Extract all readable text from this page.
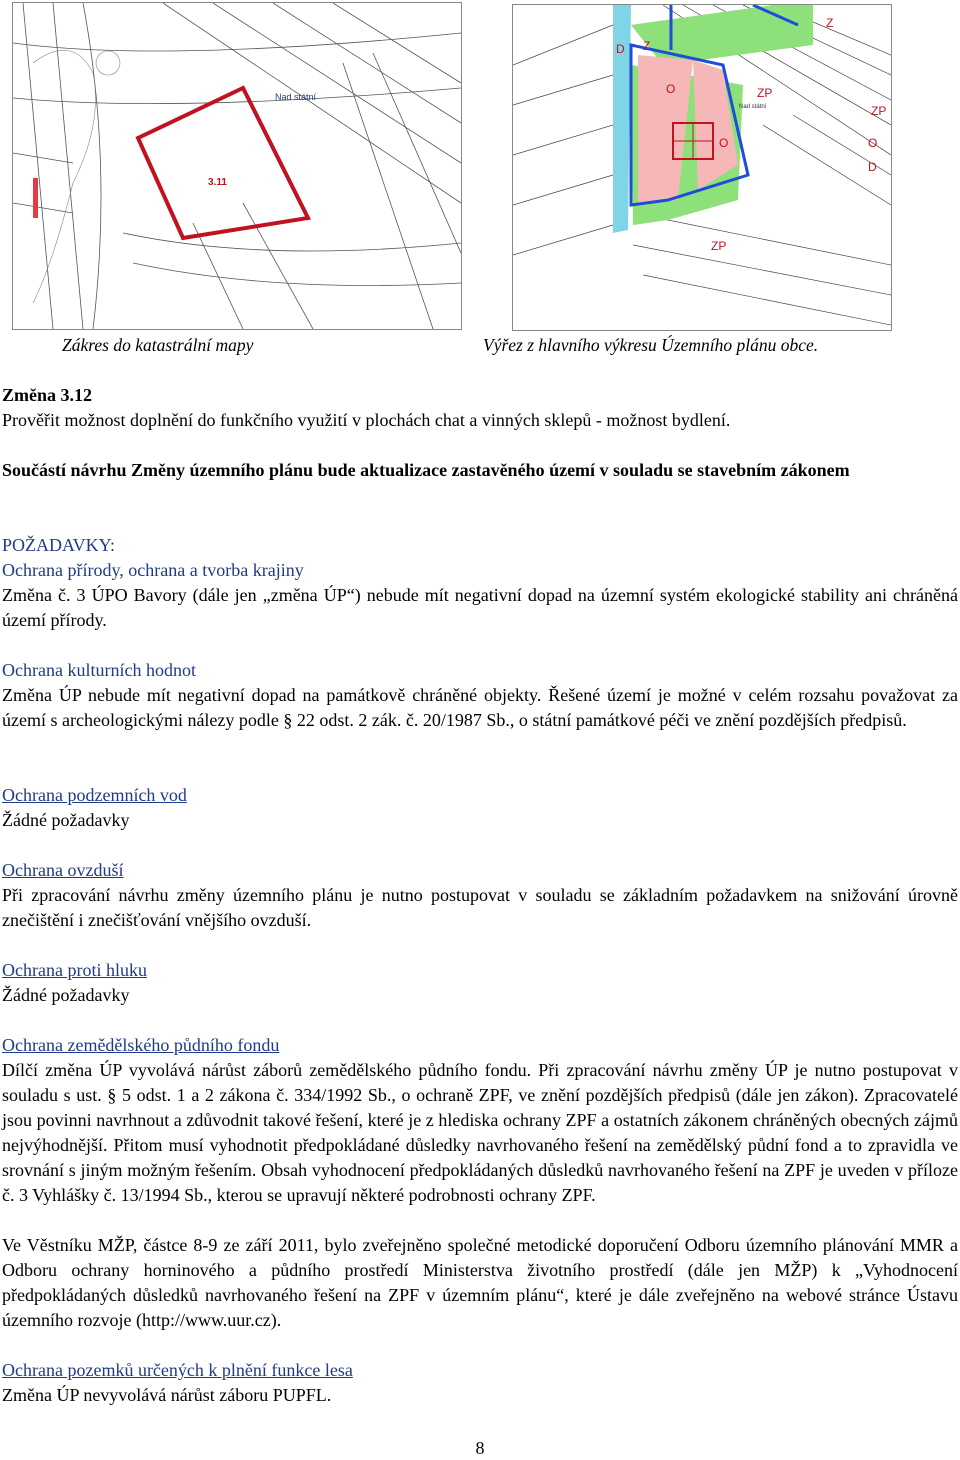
Nad státní
3.11
Zákres do katastrální mapy
Z
D Z
O	ZP
ZP
O
ZP
O
D
Nad státní
Výřez z hlavního výkresu Územního plánu obce.
Změna 3.12
Prověřit možnost doplnění do funkčního využití v plochách chat a vinných sklepů - možnost bydlení.
Součástí návrhu Změny územního plánu bude aktualizace zastavěného území v souladu se stavebním zákonem
POŽADAVKY:
Ochrana přírody, ochrana a tvorba krajiny
Změna č. 3 ÚPO Bavory (dále jen „změna ÚP“) nebude mít negativní dopad na územní systém ekologické stability ani chráněná území přírody.
Ochrana kulturních hodnot
Změna ÚP nebude mít negativní dopad na památkově chráněné objekty. Řešené území je možné v celém rozsahu považovat za území s archeologickými nálezy podle § 22 odst. 2 zák. č. 20/1987 Sb., o státní památkové péči ve znění pozdějších předpisů.
Ochrana podzemních vod
Žádné požadavky
Ochrana ovzduší
Při zpracování návrhu změny územního plánu je nutno postupovat v souladu se základním požadavkem na snižování úrovně znečištění i znečišťování vnějšího ovzduší.
Ochrana proti hluku
Žádné požadavky
Ochrana zemědělského půdního fondu
Dílčí změna ÚP vyvolává nárůst záborů zemědělského půdního fondu. Při zpracování návrhu změny ÚP je nutno postupovat v souladu s ust. § 5 odst. 1 a 2 zákona č. 334/1992 Sb., o ochraně ZPF, ve znění pozdějších předpisů (dále jen zákon). Zpracovatelé jsou povinni navrhnout a zdůvodnit takové řešení, které je z hlediska ochrany ZPF a ostatních zákonem chráněných obecných zájmů nejvýhodnější. Přitom musí vyhodnotit předpokládané důsledky navrhovaného řešení na zemědělský půdní fond a to zpravidla ve srovnání s jiným možným řešením. Obsah vyhodnocení předpokládaných důsledků navrhovaného řešení na ZPF je uveden v příloze č. 3 Vyhlášky č. 13/1994 Sb., kterou se upravují některé podrobnosti ochrany ZPF.
Ve Věstníku MŽP, částce 8-9 ze září 2011, bylo zveřejněno společné metodické doporučení Odboru územního plánování MMR a Odboru ochrany horninového a půdního prostředí Ministerstva životního prostředí (dále jen MŽP) k „Vyhodnocení předpokládaných důsledků navrhovaného řešení na ZPF v územním plánu“, které je dále zveřejněno na webové stránce Ústavu územního rozvoje (http://www.uur.cz).
Ochrana pozemků určených k plnění funkce lesa
Změna ÚP nevyvolává nárůst záboru PUPFL.
8
